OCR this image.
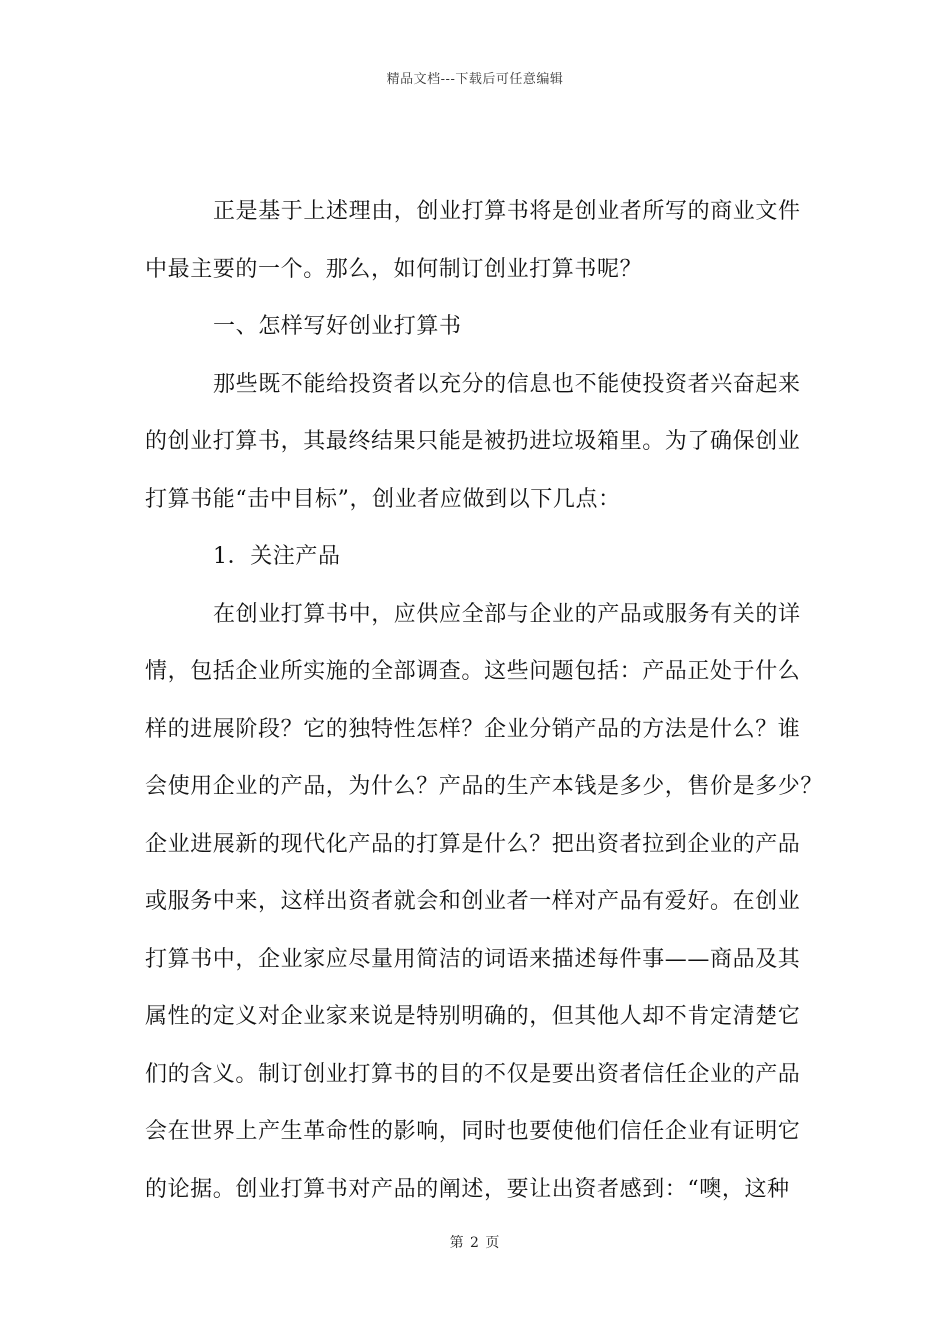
精品文档---下载后可任意编辑
正是基于上述理由，创业打算书将是创业者所写的商业文件
中最主要的一个。那么，如何制订创业打算书呢？
一、怎样写好创业打算书
那些既不能给投资者以充分的信息也不能使投资者兴奋起来
的创业打算书，其最终结果只能是被扔进垃圾箱里。为了确保创业
打算书能“击中目标”，创业者应做到以下几点：
1．关注产品
在创业打算书中，应供应全部与企业的产品或服务有关的详
情，包括企业所实施的全部调查。这些问题包括：产品正处于什么
样的进展阶段？它的独特性怎样？企业分销产品的方法是什么？谁
会使用企业的产品，为什么？产品的生产本钱是多少，售价是多少？
企业进展新的现代化产品的打算是什么？把出资者拉到企业的产品
或服务中来，这样出资者就会和创业者一样对产品有爱好。在创业
打算书中，企业家应尽量用简洁的词语来描述每件事——商品及其
属性的定义对企业家来说是特别明确的，但其他人却不肯定清楚它
们的含义。制订创业打算书的目的不仅是要出资者信任企业的产品
会在世界上产生革命性的影响，同时也要使他们信任企业有证明它
的论据。创业打算书对产品的阐述，要让出资者感到：“噢，这种
第 2 页
